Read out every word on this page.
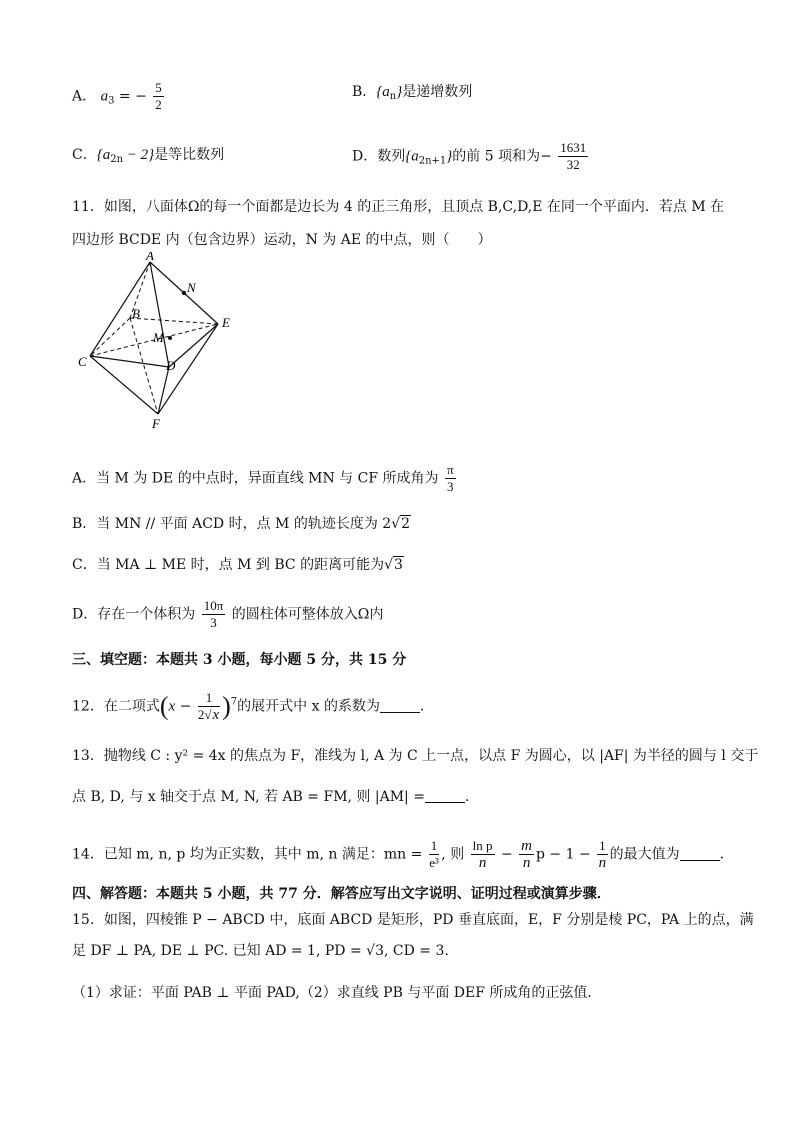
A． $a_3$ = − $\frac{5}{2}$	B．$\{a_n\}$是递增数列
C．$\{a_{2n} - 2\}$是等比数列	D．数列$\{a_{2n+1}\}$的前 5 项和为− $\frac{1631}{32}$
11．如图，八面体Ω的每一个面都是边长为 4 的正三角形，且顶点 B,C,D,E 在同一个平面内．若点 M 在
四边形 BCDE 内（包含边界）运动，N 为 AE 的中点，则（　　）
A
B
C	D
E
F
M
N
A．当 M 为 DE 的中点时，异面直线 MN 与 CF 所成角为 $\frac{\pi}{3}$
B．当 MN // 平面 ACD 时，点 M 的轨迹长度为 2√2
C．当 MA ⊥ ME 时，点 M 到 BC 的距离可能为√3
D．存在一个体积为 $\frac{10\pi}{3}$ 的圆柱体可整体放入Ω内
三、填空题：本题共 3 小题，每小题 5 分，共 15 分
12．在二项式$(x - \frac{1}{2√x} )^7$的展开式中 x 的系数为	．
13．抛物线 C : y² = 4x 的焦点为 F，准线为 l, A 为 C 上一点，以点 F 为圆心，以 |AF| 为半径的圆与 l 交于
点 B, D, 与 x 轴交于点 M, N, 若 AB = FM, 则 |AM| =	．
14．已知 m, n, p 均为正实数，其中 m, n 满足：mn = $\frac{1}{\text{e³}}$ , 则 $\frac{\text{ln p}}{n} - \frac{m}{n}$ $p - 1 - \frac{1}{n}$ 的最大值为	．
四、解答题：本题共 5 小题，共 77 分．解答应写出文字说明、证明过程或演算步骤．
15．如图，四棱锥 P − ABCD 中，底面 ABCD 是矩形，PD 垂直底面，E，F 分别是棱 PC，PA 上的点，满
足 DF ⊥ PA, DE ⊥ PC. 已知 AD = 1, PD = √3, CD = 3.
（1）求证：平面 PAB ⊥ 平面 PAD,（2）求直线 PB 与平面 DEF 所成角的正弦值．
